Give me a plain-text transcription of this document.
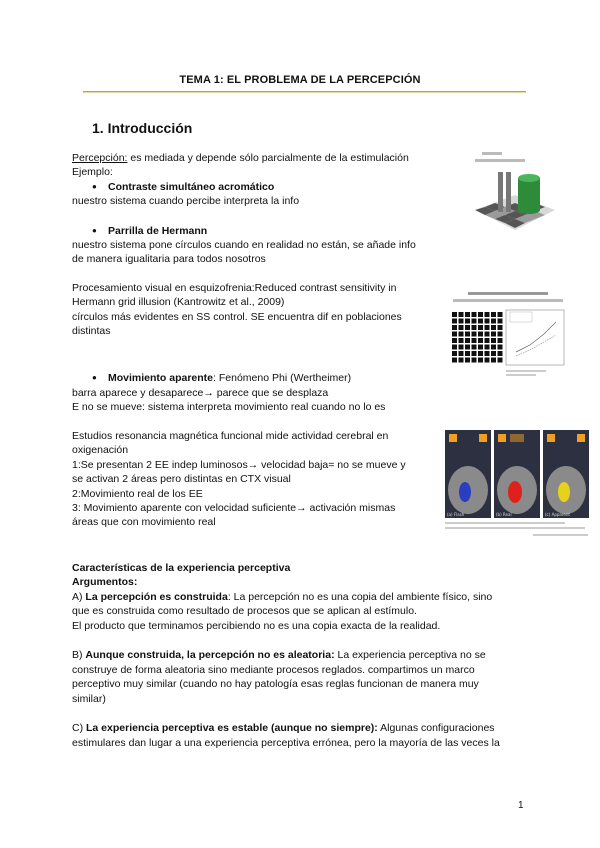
TEMA 1: EL PROBLEMA DE LA PERCEPCIÓN
1. Introducción
Percepción: es mediada y depende sólo parcialmente de la estimulación
Ejemplo:
● Contraste simultáneo acromático
nuestro sistema cuando percibe interpreta la info
● Parrilla de Hermann
nuestro sistema pone círculos cuando en realidad no están, se añade info
de manera igualitaria para todos nosotros
Procesamiento visual en esquizofrenia:Reduced contrast sensitivity in
Hermann grid illusion (Kantrowitz et al., 2009)
círculos más evidentes en SS control. SE encuentra dif en poblaciones
distintas
● Movimiento aparente: Fenómeno Phi (Wertheimer)
barra aparece y desaparece→ parece que se desplaza
E no se mueve: sistema interpreta movimiento real cuando no lo es
Estudios resonancia magnética funcional mide actividad cerebral en
oxigenación
1:Se presentan 2 EE indep luminosos→ velocidad baja= no se mueve y
se activan 2 áreas pero distintas en CTX visual
2:Movimiento real de los EE
3: Movimiento aparente con velocidad suficiente→ activación mismas
áreas que con movimiento real
Características de la experiencia perceptiva
Argumentos:
A) La percepción es construida: La percepción no es una copia del ambiente físico, sino
que es construida como resultado de procesos que se aplican al estímulo.
El producto que terminamos percibiendo no es una copia exacta de la realidad.
B) Aunque construida, la percepción no es aleatoria: La experiencia perceptiva no se
construye de forma aleatoria sino mediante procesos reglados. compartimos un marco
perceptivo muy similar (cuando no hay patología esas reglas funcionan de manera muy
similar)
C) La experiencia perceptiva es estable (aunque no siempre): Algunas configuraciones
estimulares dan lugar a una experiencia perceptiva errónea, pero la mayoría de las veces la
1
(a) Flash	(b) Real	(c) Apparent
